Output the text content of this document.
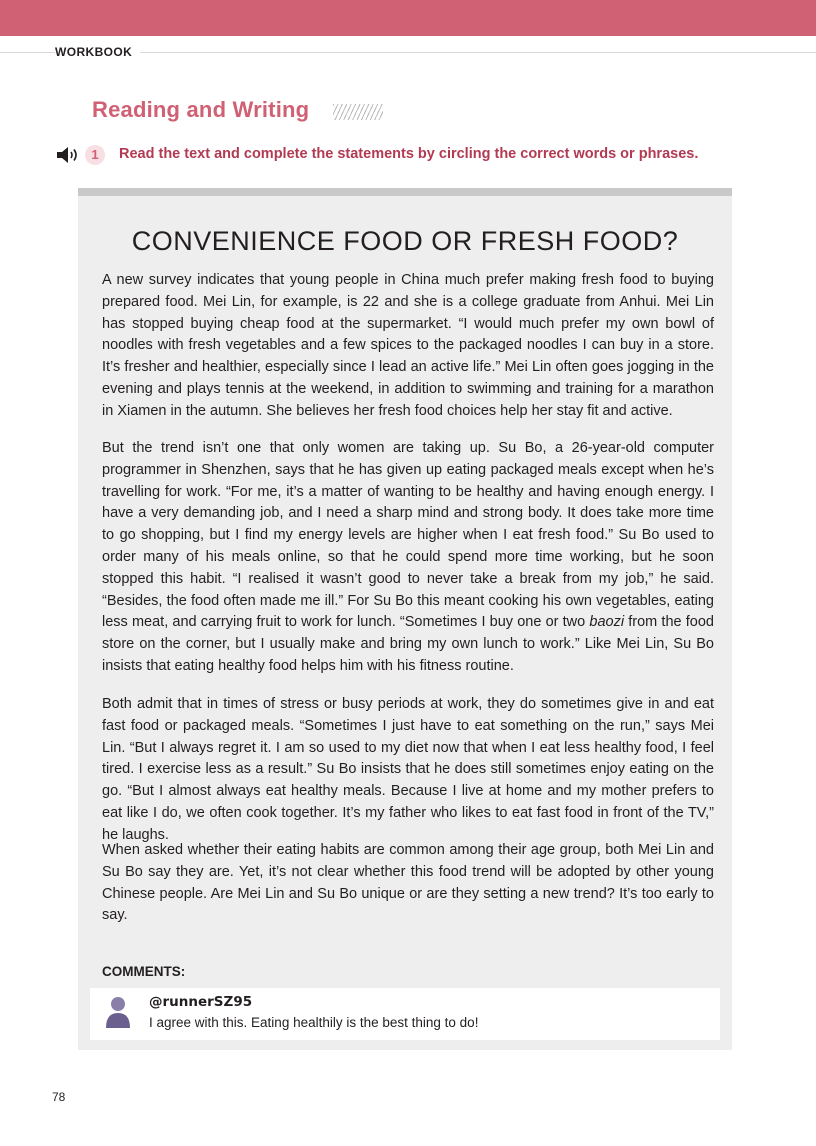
WORKBOOK
Reading and Writing
1	Read the text and complete the statements by circling the correct words or phrases.
CONVENIENCE FOOD OR FRESH FOOD?

A new survey indicates that young people in China much prefer making fresh food to buying prepared food. Mei Lin, for example, is 22 and she is a college graduate from Anhui. Mei Lin has stopped buying cheap food at the supermarket. “I would much prefer my own bowl of noodles with fresh vegetables and a few spices to the packaged noodles I can buy in a store. It’s fresher and healthier, especially since I lead an active life.” Mei Lin often goes jogging in the evening and plays tennis at the weekend, in addition to swimming and training for a marathon in Xiamen in the autumn. She believes her fresh food choices help her stay fit and active.

But the trend isn’t one that only women are taking up. Su Bo, a 26-year-old computer programmer in Shenzhen, says that he has given up eating packaged meals except when he’s travelling for work. “For me, it’s a matter of wanting to be healthy and having enough energy. I have a very demanding job, and I need a sharp mind and strong body. It does take more time to go shopping, but I find my energy levels are higher when I eat fresh food.” Su Bo used to order many of his meals online, so that he could spend more time working, but he soon stopped this habit. “I realised it wasn’t good to never take a break from my job,” he said. “Besides, the food often made me ill.” For Su Bo this meant cooking his own vegetables, eating less meat, and carrying fruit to work for lunch. “Sometimes I buy one or two baozi from the food store on the corner, but I usually make and bring my own lunch to work.” Like Mei Lin, Su Bo insists that eating healthy food helps him with his fitness routine.

Both admit that in times of stress or busy periods at work, they do sometimes give in and eat fast food or packaged meals. “Sometimes I just have to eat something on the run,” says Mei Lin. “But I always regret it. I am so used to my diet now that when I eat less healthy food, I feel tired. I exercise less as a result.” Su Bo insists that he does still sometimes enjoy eating on the go. “But I almost always eat healthy meals. Because I live at home and my mother prefers to eat like I do, we often cook together. It’s my father who likes to eat fast food in front of the TV,” he laughs.

When asked whether their eating habits are common among their age group, both Mei Lin and Su Bo say they are. Yet, it’s not clear whether this food trend will be adopted by other young Chinese people. Are Mei Lin and Su Bo unique or are they setting a new trend? It’s too early to say.

COMMENTS:
@runnerSZ95
I agree with this. Eating healthily is the best thing to do!
78
